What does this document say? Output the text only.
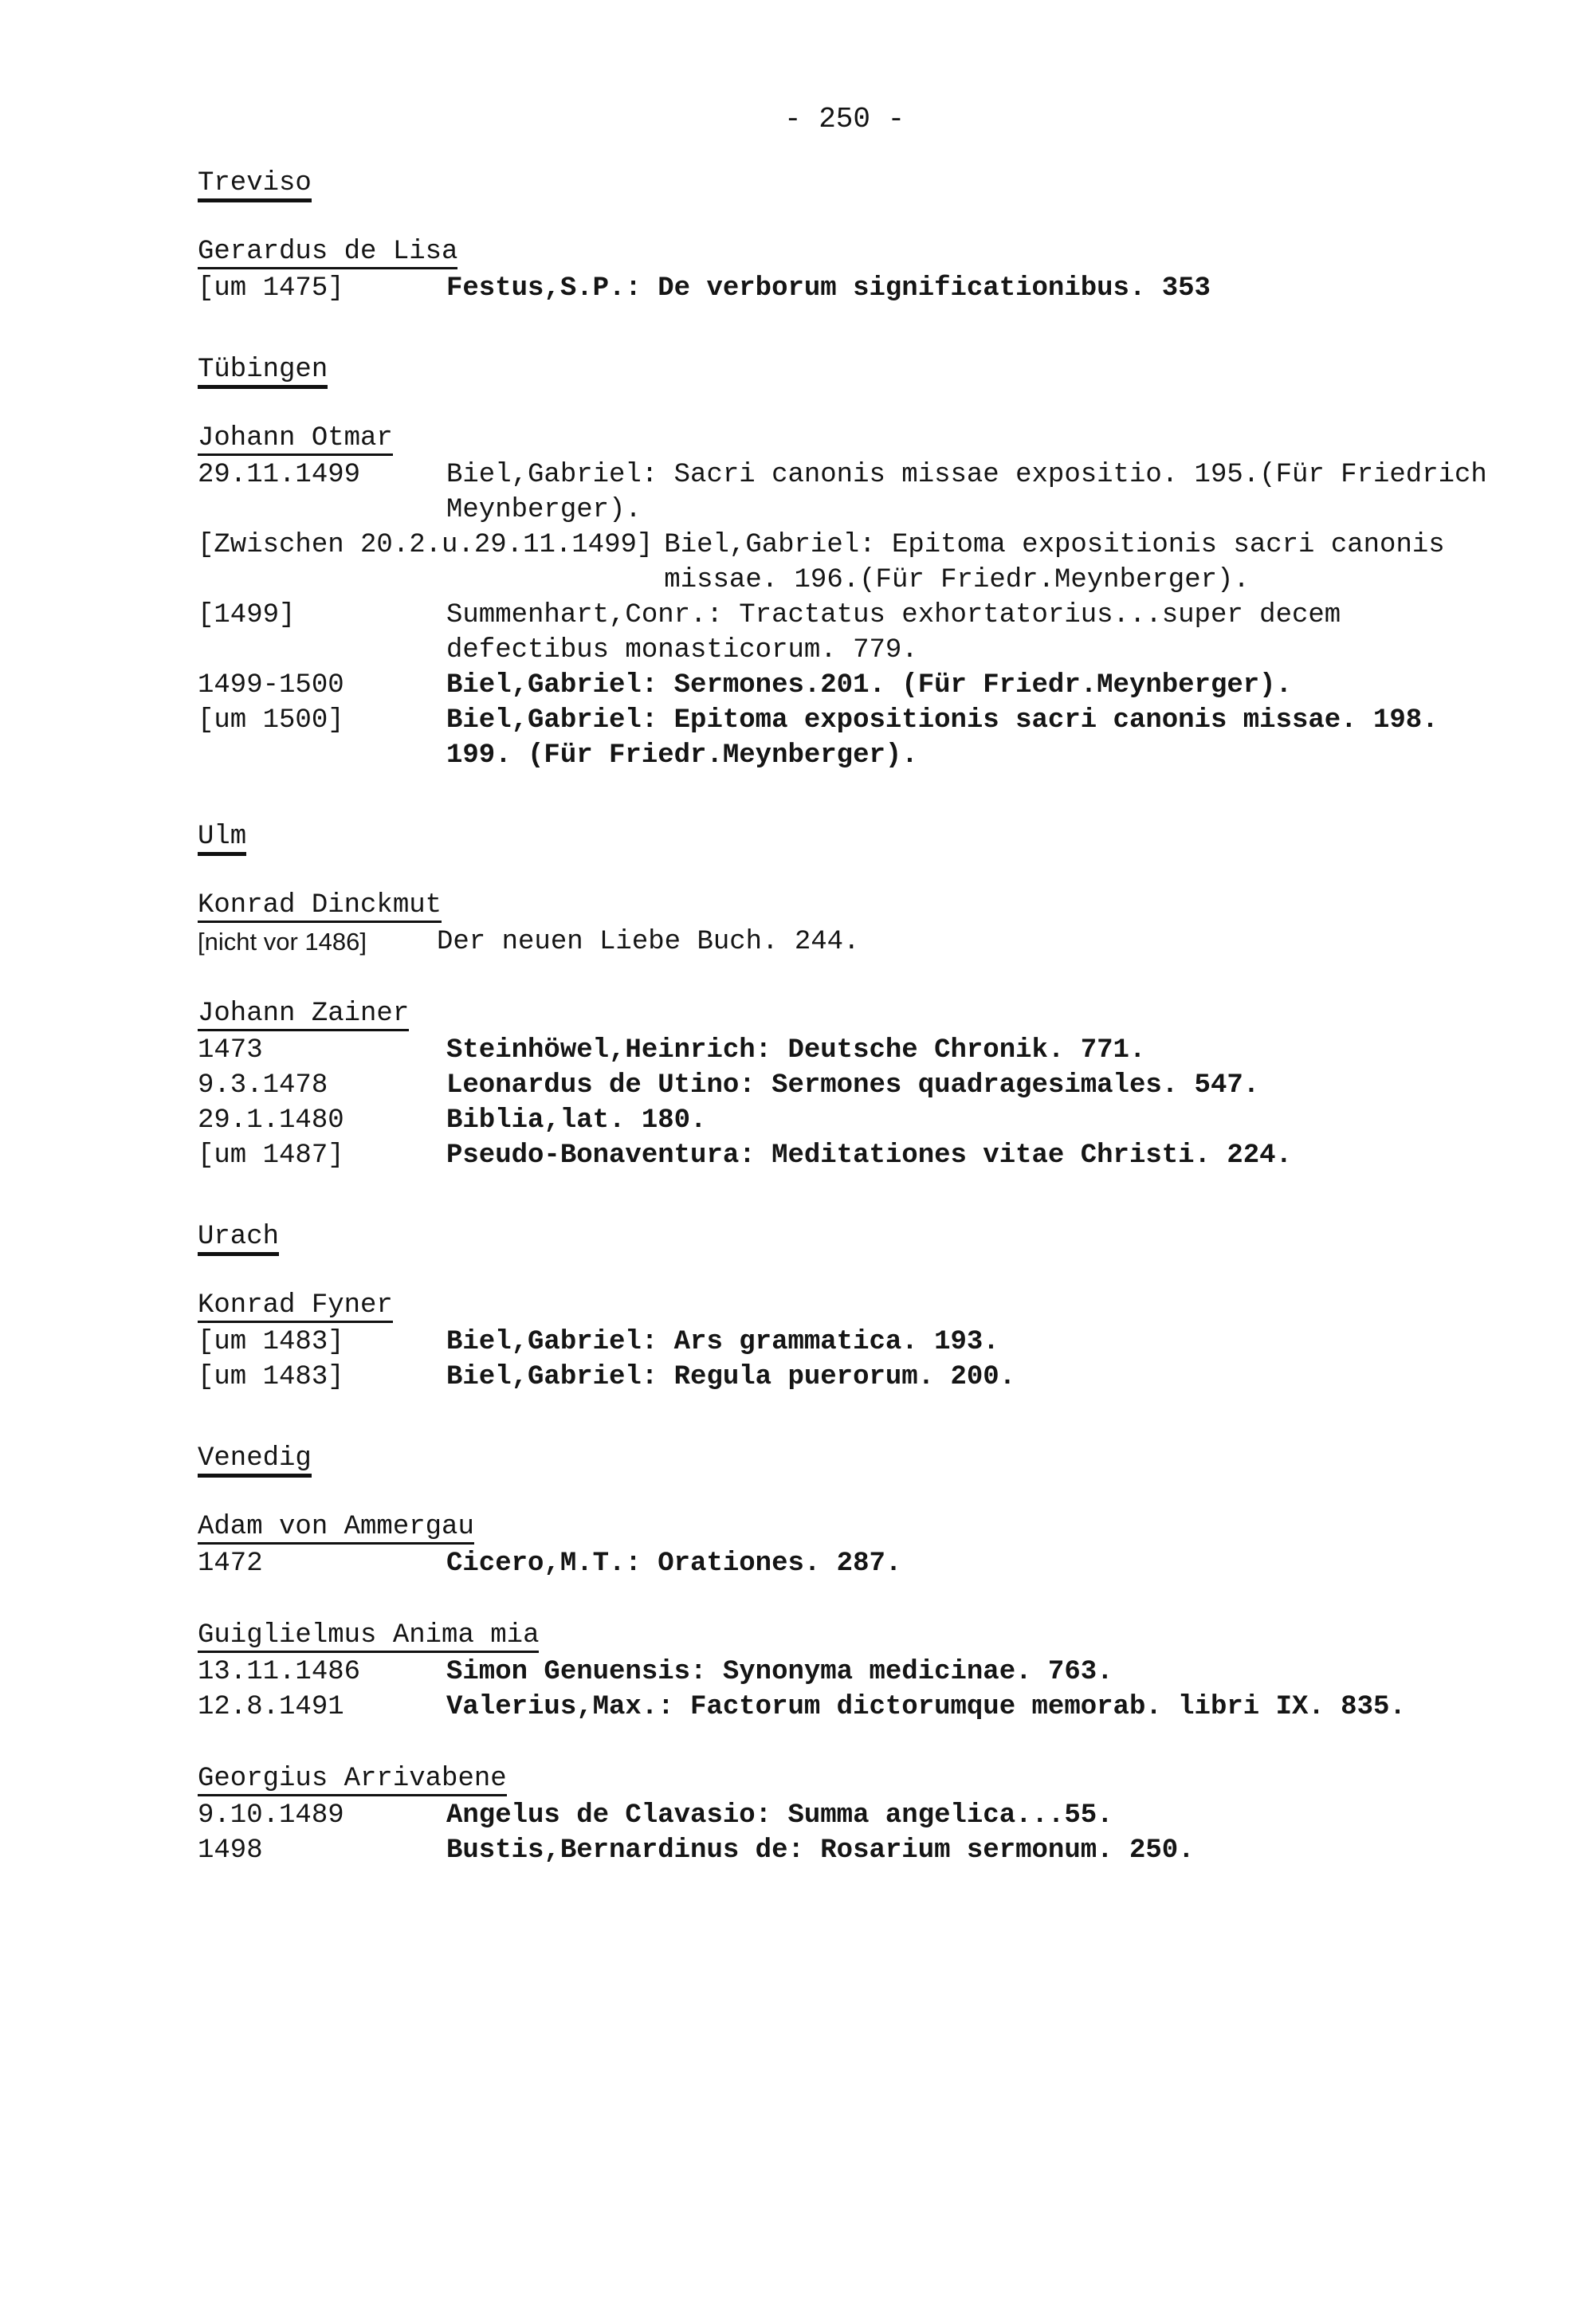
- 250 -
Treviso
Gerardus de Lisa
[um 1475]	Festus,S.P.: De verborum significationibus. 353
Tübingen
Johann Otmar
29.11.1499	Biel,Gabriel: Sacri canonis missae expositio. 195.(Für Friedrich Meynberger).
[Zwischen 20.2.u.29.11.1499] Biel,Gabriel: Epitoma expositionis sacri canonis missae. 196.(Für Friedr.Meynberger).
[1499]	Summenhart,Conr.: Tractatus exhortatorius...super decem defectibus monasticorum. 779.
1499-1500	Biel,Gabriel: Sermones.201. (Für Friedr.Meynberger).
[um 1500]	Biel,Gabriel: Epitoma expositionis sacri canonis missae. 198. 199. (Für Friedr.Meynberger).
Ulm
Konrad Dinckmut
[nicht vor 1486]	Der neuen Liebe Buch. 244.
Johann Zainer
1473	Steinhöwel,Heinrich: Deutsche Chronik. 771.
9.3.1478	Leonardus de Utino: Sermones quadragesimales. 547.
29.1.1480	Biblia,lat. 180.
[um 1487]	Pseudo-Bonaventura: Meditationes vitae Christi. 224.
Urach
Konrad Fyner
[um 1483]	Biel,Gabriel: Ars grammatica. 193.
[um 1483]	Biel,Gabriel: Regula puerorum. 200.
Venedig
Adam von Ammergau
1472	Cicero,M.T.: Orationes. 287.
Guiglielmus Anima mia
13.11.1486	Simon Genuensis: Synonyma medicinae. 763.
12.8.1491	Valerius,Max.: Factorum dictorumque memorab. libri IX. 835.
Georgius Arrivabene
9.10.1489	Angelus de Clavasio: Summa angelica...55.
1498	Bustis,Bernardinus de: Rosarium sermonum. 250.
